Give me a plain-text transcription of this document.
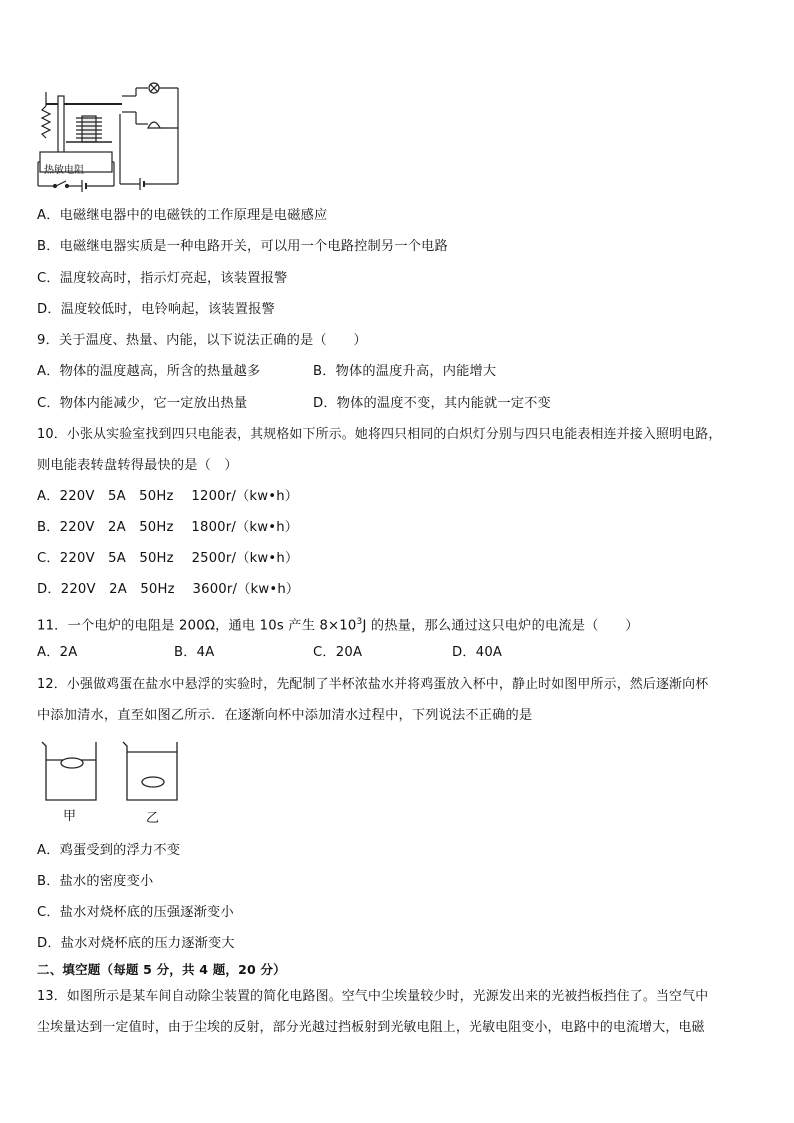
热敏电阻
A．电磁继电器中的电磁铁的工作原理是电磁感应
B．电磁继电器实质是一种电路开关，可以用一个电路控制另一个电路
C．温度较高时，指示灯亮起，该装置报警
D．温度较低时，电铃响起，该装置报警
9．关于温度、热量、内能，以下说法正确的是（　　）
A．物体的温度越高，所含的热量越多	B．物体的温度升高，内能增大
C．物体内能减少，它一定放出热量	D．物体的温度不变，其内能就一定不变
10．小张从实验室找到四只电能表，其规格如下所示。她将四只相同的白炽灯分别与四只电能表相连并接入照明电路，
则电能表转盘转得最快的是（　）
A．220V　5A　50Hz　 1200r/（kw•h）
B．220V　2A　50Hz　 1800r/（kw•h）
C．220V　5A　50Hz　 2500r/（kw•h）
D．220V　2A　50Hz　 3600r/（kw•h）
11．一个电炉的电阻是 200Ω，通电 10s 产生 $8\times 10^3J$ 的热量，那么通过这只电炉的电流是（　　）
A．2A	B．4A	C．20A	D．40A
12．小强做鸡蛋在盐水中悬浮的实验时，先配制了半杯浓盐水并将鸡蛋放入杯中，静止时如图甲所示，然后逐渐向杯
中添加清水，直至如图乙所示．在逐渐向杯中添加清水过程中，下列说法不正确的是
甲	乙
A．鸡蛋受到的浮力不变
B．盐水的密度变小
C．盐水对烧杯底的压强逐渐变小
D．盐水对烧杯底的压力逐渐变大
二、填空题（每题 5 分，共 4 题，20 分）
13．如图所示是某车间自动除尘装置的简化电路图。空气中尘埃量较少时，光源发出来的光被挡板挡住了。当空气中
尘埃量达到一定值时，由于尘埃的反射，部分光越过挡板射到光敏电阻上，光敏电阻变小，电路中的电流增大，电磁
